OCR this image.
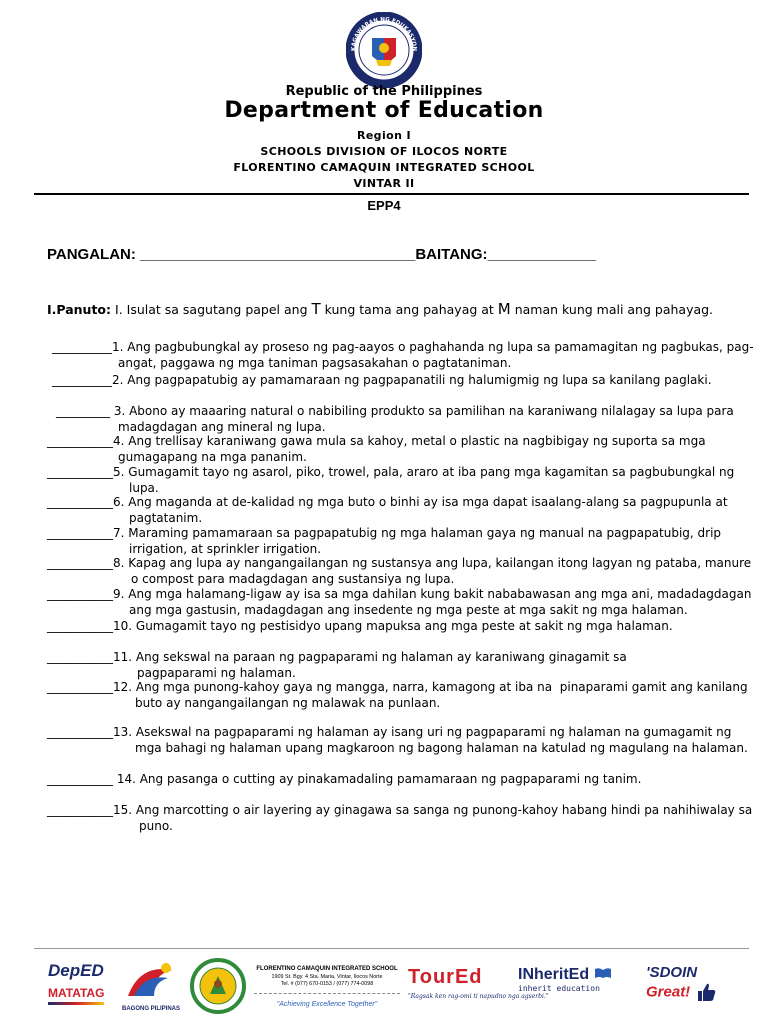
KAGAWARAN NG EDUKASYON
REPUBLIKA NG PILIPINAS
Republic of the Philippines
Department of Education
Region I
SCHOOLS DIVISION OF ILOCOS NORTE
FLORENTINO CAMAQUIN INTEGRATED SCHOOL
VINTAR II
EPP4
PANGALAN: _________________________________BAITANG:_____________
I.Panuto: I. Isulat sa sagutang papel ang T kung tama ang pahayag at M naman kung mali ang pahayag.
__________1. Ang pagbubungkal ay proseso ng pag-aayos o paghahanda ng lupa sa pamamagitan ng pagbukas, pag-
angat, paggawa ng mga taniman pagsasakahan o pagtataniman.
__________2. Ang pagpapatubig ay pamamaraan ng pagpapanatili ng halumigmig ng lupa sa kanilang paglaki.
_________ 3. Abono ay maaaring natural o nabibiling produkto sa pamilihan na karaniwang nilalagay sa lupa para
madagdagan ang mineral ng lupa.
___________4. Ang trellisay karaniwang gawa mula sa kahoy, metal o plastic na nagbibigay ng suporta sa mga
gumagapang na mga pananim.
___________5. Gumagamit tayo ng asarol, piko, trowel, pala, araro at iba pang mga kagamitan sa pagbubungkal ng
lupa.
___________6. Ang maganda at de-kalidad ng mga buto o binhi ay isa mga dapat isaalang-alang sa pagpupunla at
pagtatanim.
___________7. Maraming pamamaraan sa pagpapatubig ng mga halaman gaya ng manual na pagpapatubig, drip
irrigation, at sprinkler irrigation.
___________8. Kapag ang lupa ay nangangailangan ng sustansya ang lupa, kailangan itong lagyan ng pataba, manure
o compost para madagdagan ang sustansiya ng lupa.
___________9. Ang mga halamang-ligaw ay isa sa mga dahilan kung bakit nababawasan ang mga ani, madadagdagan
ang mga gastusin, madagdagan ang insedente ng mga peste at mga sakit ng mga halaman.
___________10. Gumagamit tayo ng pestisidyo upang mapuksa ang mga peste at sakit ng mga halaman.
___________11. Ang sekswal na paraan ng pagpaparami ng halaman ay karaniwang ginagamit sa
pagpaparami ng halaman.
___________12. Ang mga punong-kahoy gaya ng mangga, narra, kamagong at iba na  pinaparami gamit ang kanilang
buto ay nangangailangan ng malawak na punlaan.
___________13. Asekswal na pagpaparami ng halaman ay isang uri ng pagpaparami ng halaman na gumagamit ng
mga bahagi ng halaman upang magkaroon ng bagong halaman na katulad ng magulang na halaman.
___________ 14. Ang pasanga o cutting ay pinakamadaling pamamaraan ng pagpaparami ng tanim.
___________15. Ang marcotting o air layering ay ginagawa sa sanga ng punong-kahoy habang hindi pa nahihiwalay sa
puno.
DepED
MATATAG
BAGONG PILIPINAS
FLORENTINO CAMAQUIN INTEGRATED SCHOOL
1909 St. Bgy. 4 Sta. Maria, Vintar, Ilocos Norte
Tel. # (077) 670-0153 / (077) 774-0098
"Achieving Excellence Together"
TourEd
"Ragsak ken rag-omi ti napudno nga agserbi."
INheritEd
inherit education
'SDOIN
Great!
